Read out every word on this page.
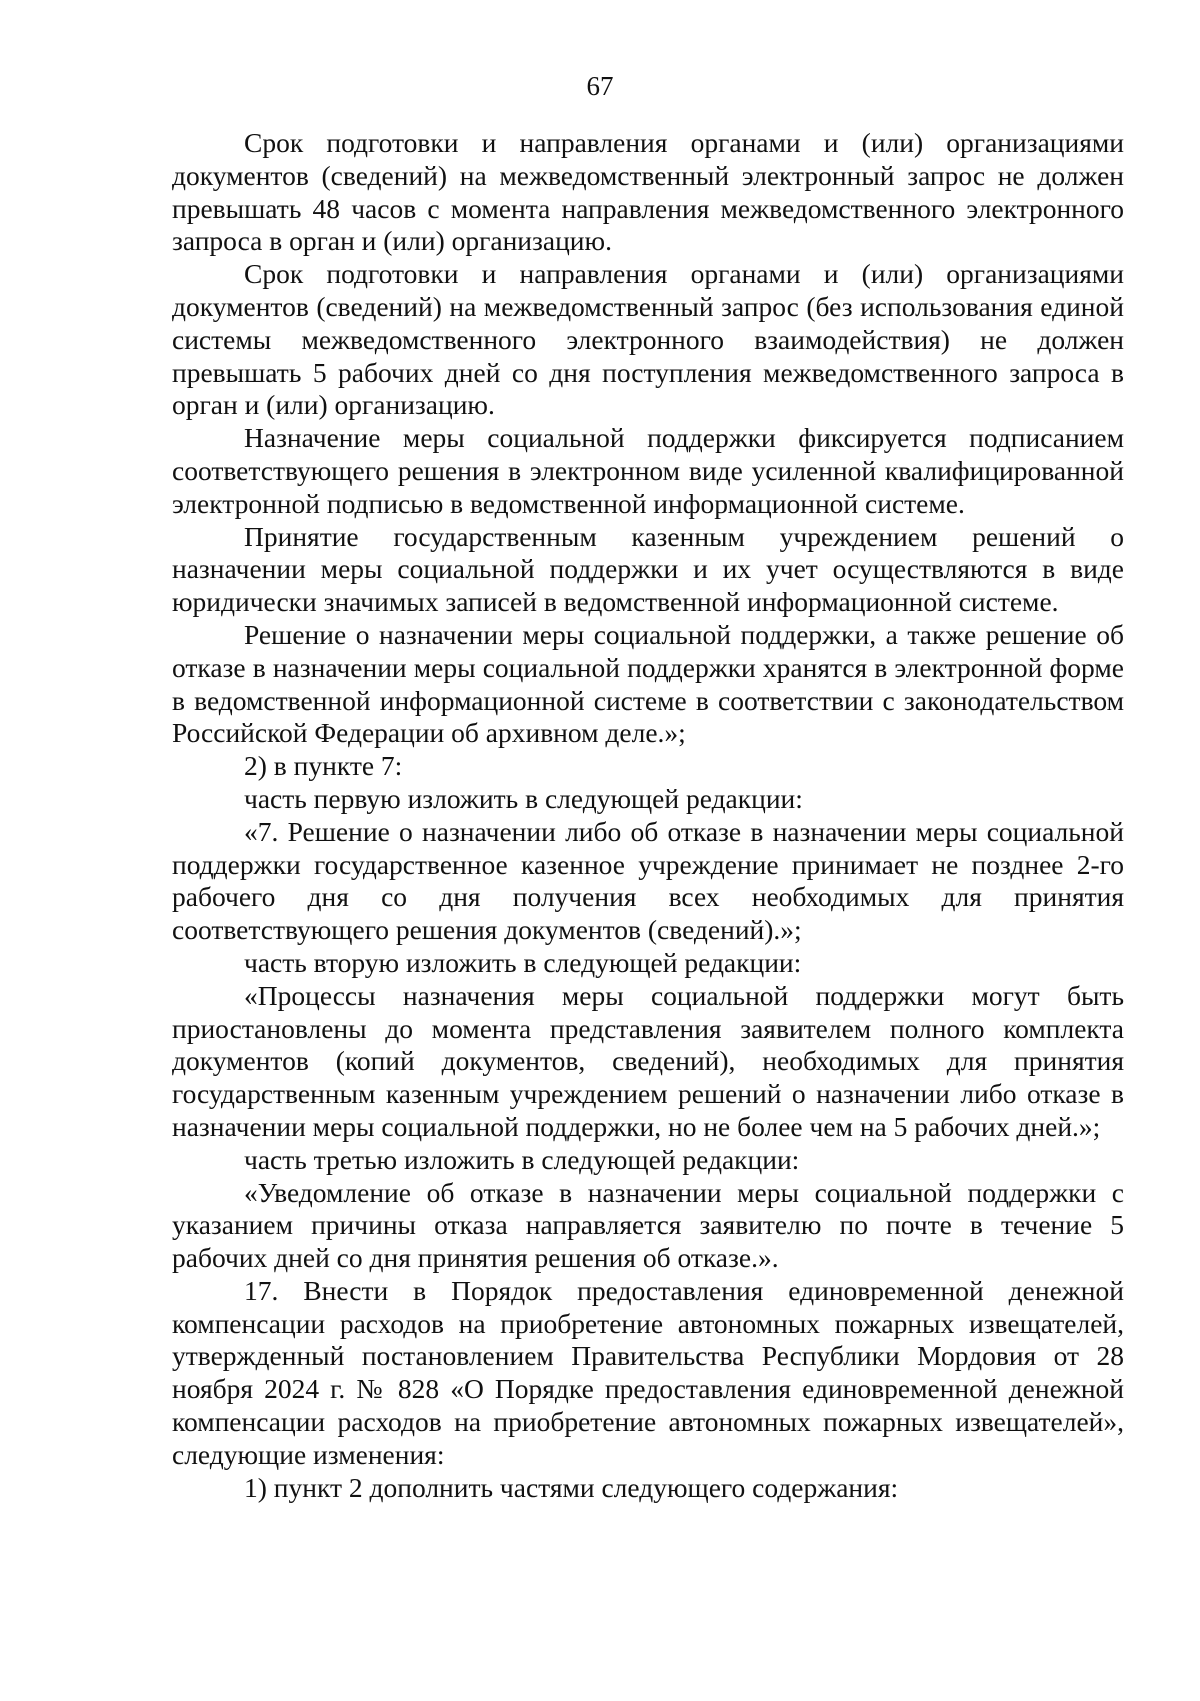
67

Срок подготовки и направления органами и (или) организациями документов (сведений) на межведомственный электронный запрос не должен превышать 48 часов с момента направления межведомственного электронного запроса в орган и (или) организацию.

Срок подготовки и направления органами и (или) организациями документов (сведений) на межведомственный запрос (без использования единой системы межведомственного электронного взаимодействия) не должен превышать 5 рабочих дней со дня поступления межведомственного запроса в орган и (или) организацию.

Назначение меры социальной поддержки фиксируется подписанием соответствующего решения в электронном виде усиленной квалифицированной электронной подписью в ведомственной информационной системе.

Принятие государственным казенным учреждением решений о назначении меры социальной поддержки и их учет осуществляются в виде юридически значимых записей в ведомственной информационной системе.

Решение о назначении меры социальной поддержки, а также решение об отказе в назначении меры социальной поддержки хранятся в электронной форме в ведомственной информационной системе в соответствии с законодательством Российской Федерации об архивном деле.»;

2) в пункте 7:

часть первую изложить в следующей редакции:

«7. Решение о назначении либо об отказе в назначении меры социальной поддержки государственное казенное учреждение принимает не позднее 2-го рабочего дня со дня получения всех необходимых для принятия соответствующего решения документов (сведений).»;

часть вторую изложить в следующей редакции:

«Процессы назначения меры социальной поддержки могут быть приостановлены до момента представления заявителем полного комплекта документов (копий документов, сведений), необходимых для принятия государственным казенным учреждением решений о назначении либо отказе в назначении меры социальной поддержки, но не более чем на 5 рабочих дней.»;

часть третью изложить в следующей редакции:

«Уведомление об отказе в назначении меры социальной поддержки с указанием причины отказа направляется заявителю по почте в течение 5 рабочих дней со дня принятия решения об отказе.».

17. Внести в Порядок предоставления единовременной денежной компенсации расходов на приобретение автономных пожарных извещателей, утвержденный постановлением Правительства Республики Мордовия от 28 ноября 2024 г. № 828 «О Порядке предоставления единовременной денежной компенсации расходов на приобретение автономных пожарных извещателей», следующие изменения:

1) пункт 2 дополнить частями следующего содержания:
